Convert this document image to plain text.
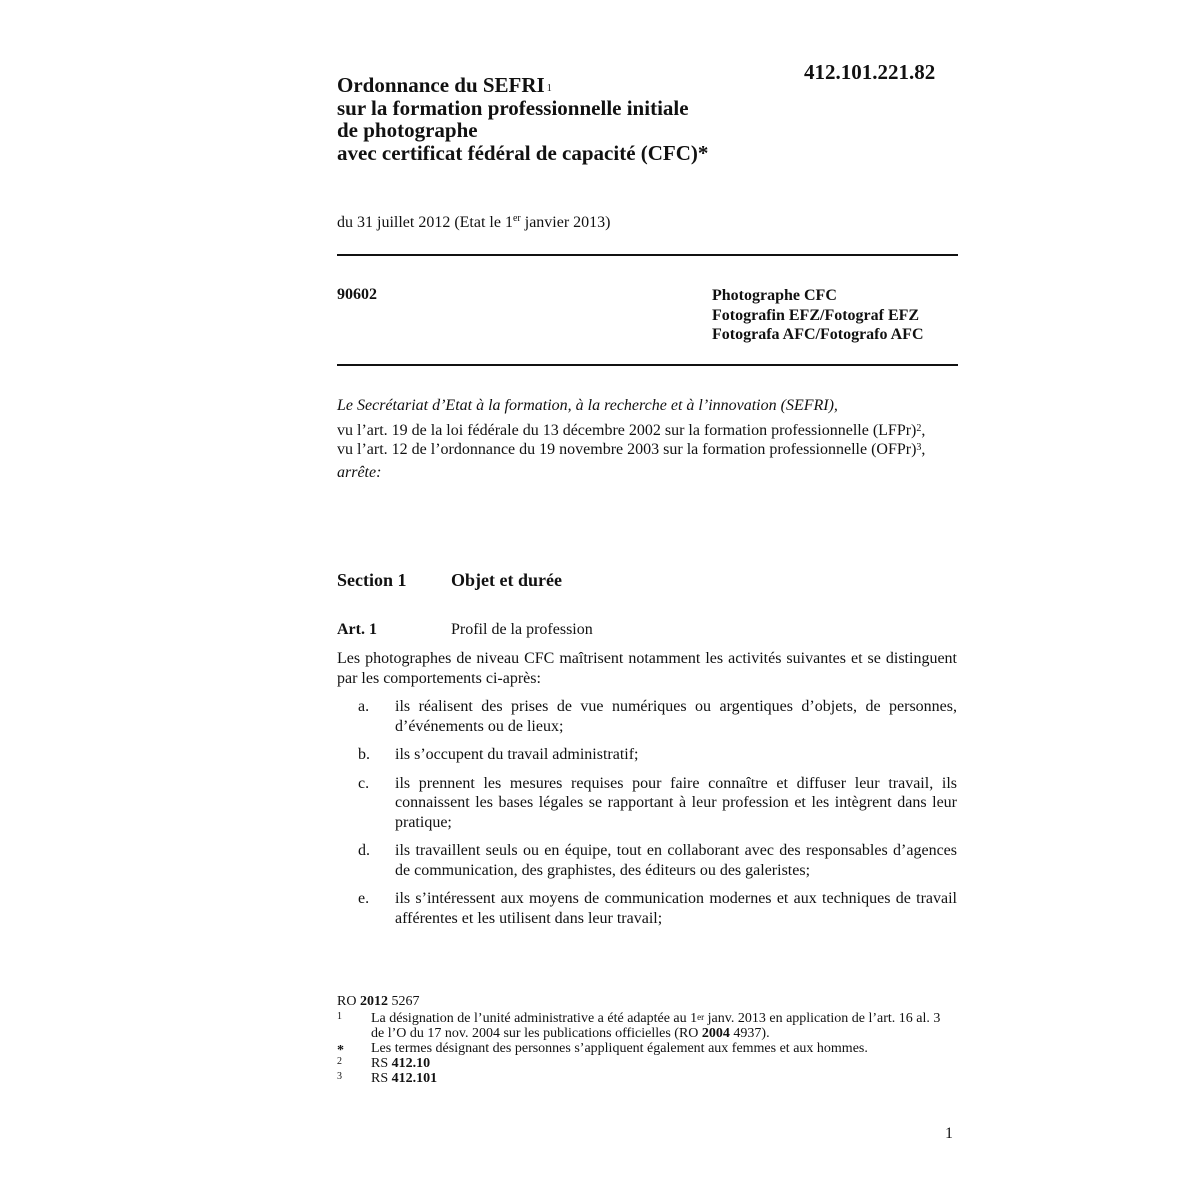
412.101.221.82
Ordonnance du SEFRI $^1$
sur la formation professionnelle initiale
de photographe
avec certificat fédéral de capacité (CFC)*
du 31 juillet 2012 (Etat le 1er janvier 2013)
90602	Photographe CFC
Fotografin EFZ/Fotograf EFZ
Fotografa AFC/Fotografo AFC
Le Secrétariat d’Etat à la formation, à la recherche et à l’innovation (SEFRI),
vu l’art. 19 de la loi fédérale du 13 décembre 2002 sur la formation professionnelle (LFPr)$^2$,
vu l’art. 12 de l’ordonnance du 19 novembre 2003 sur la formation professionnelle (OFPr)$^3$,
arrête:
Section 1 Objet et durée
Art. 1	Profil de la profession
Les photographes de niveau CFC maîtrisent notamment les activités suivantes et se distinguent par les comportements ci-après:
a. ils réalisent des prises de vue numériques ou argentiques d’objets, de personnes, d’événements ou de lieux;
b. ils s’occupent du travail administratif;
c. ils prennent les mesures requises pour faire connaître et diffuser leur travail, ils connaissent les bases légales se rapportant à leur profession et les intègrent dans leur pratique;
d. ils travaillent seuls ou en équipe, tout en collaborant avec des responsables d’agences de communication, des graphistes, des éditeurs ou des galeristes;
e. ils s’intéressent aux moyens de communication modernes et aux techniques de travail afférentes et les utilisent dans leur travail;
RO 2012 5267
1 La désignation de l’unité administrative a été adaptée au 1er janv. 2013 en application de l’art. 16 al. 3 de l’O du 17 nov. 2004 sur les publications officielles (RO 2004 4937).
* Les termes désignant des personnes s’appliquent également aux femmes et aux hommes.
2 RS 412.10
3 RS 412.101
1
